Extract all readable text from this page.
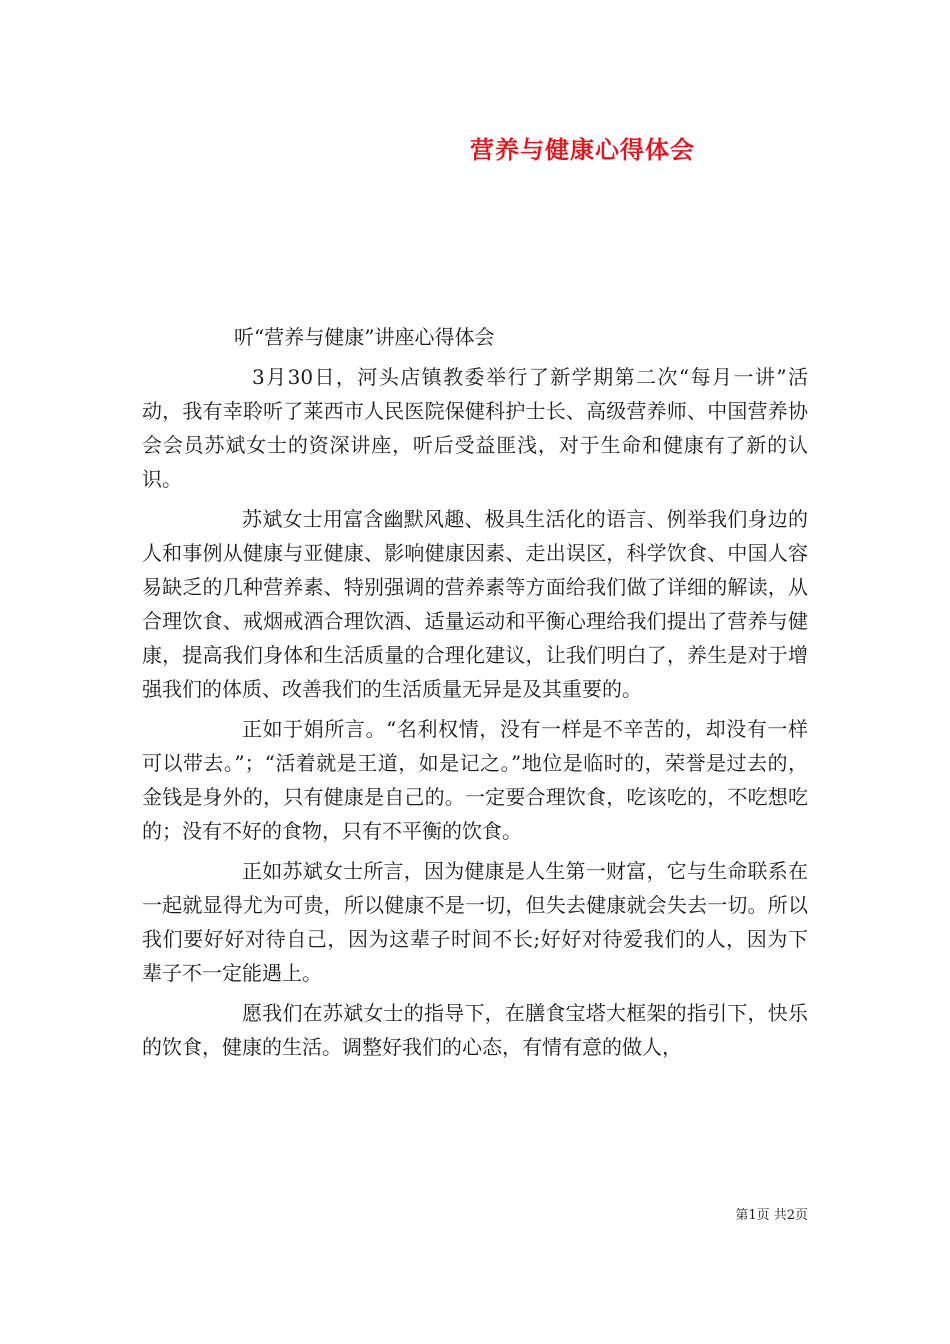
营养与健康心得体会
听“营养与健康”讲座心得体会

3月30日，河头店镇教委举行了新学期第二次“每月一讲”活动，我有幸聆听了莱西市人民医院保健科护士长、高级营养师、中国营养协会会员苏斌女士的资深讲座，听后受益匪浅，对于生命和健康有了新的认识。

苏斌女士用富含幽默风趣、极具生活化的语言、例举我们身边的人和事例从健康与亚健康、影响健康因素、走出误区，科学饮食、中国人容易缺乏的几种营养素、特别强调的营养素等方面给我们做了详细的解读，从合理饮食、戒烟戒酒合理饮酒、适量运动和平衡心理给我们提出了营养与健康，提高我们身体和生活质量的合理化建议，让我们明白了，养生是对于增强我们的体质、改善我们的生活质量无异是及其重要的。

正如于娟所言。“名利权情，没有一样是不辛苦的，却没有一样可以带去。”；“活着就是王道，如是记之。”地位是临时的，荣誉是过去的，金钱是身外的，只有健康是自己的。一定要合理饮食，吃该吃的，不吃想吃的；没有不好的食物，只有不平衡的饮食。

正如苏斌女士所言，因为健康是人生第一财富，它与生命联系在一起就显得尤为可贵，所以健康不是一切，但失去健康就会失去一切。所以我们要好好对待自己，因为这辈子时间不长;好好对待爱我们的人，因为下辈子不一定能遇上。

愿我们在苏斌女士的指导下，在膳食宝塔大框架的指引下，快乐的饮食，健康的生活。调整好我们的心态，有情有意的做人，

第1页 共2页
